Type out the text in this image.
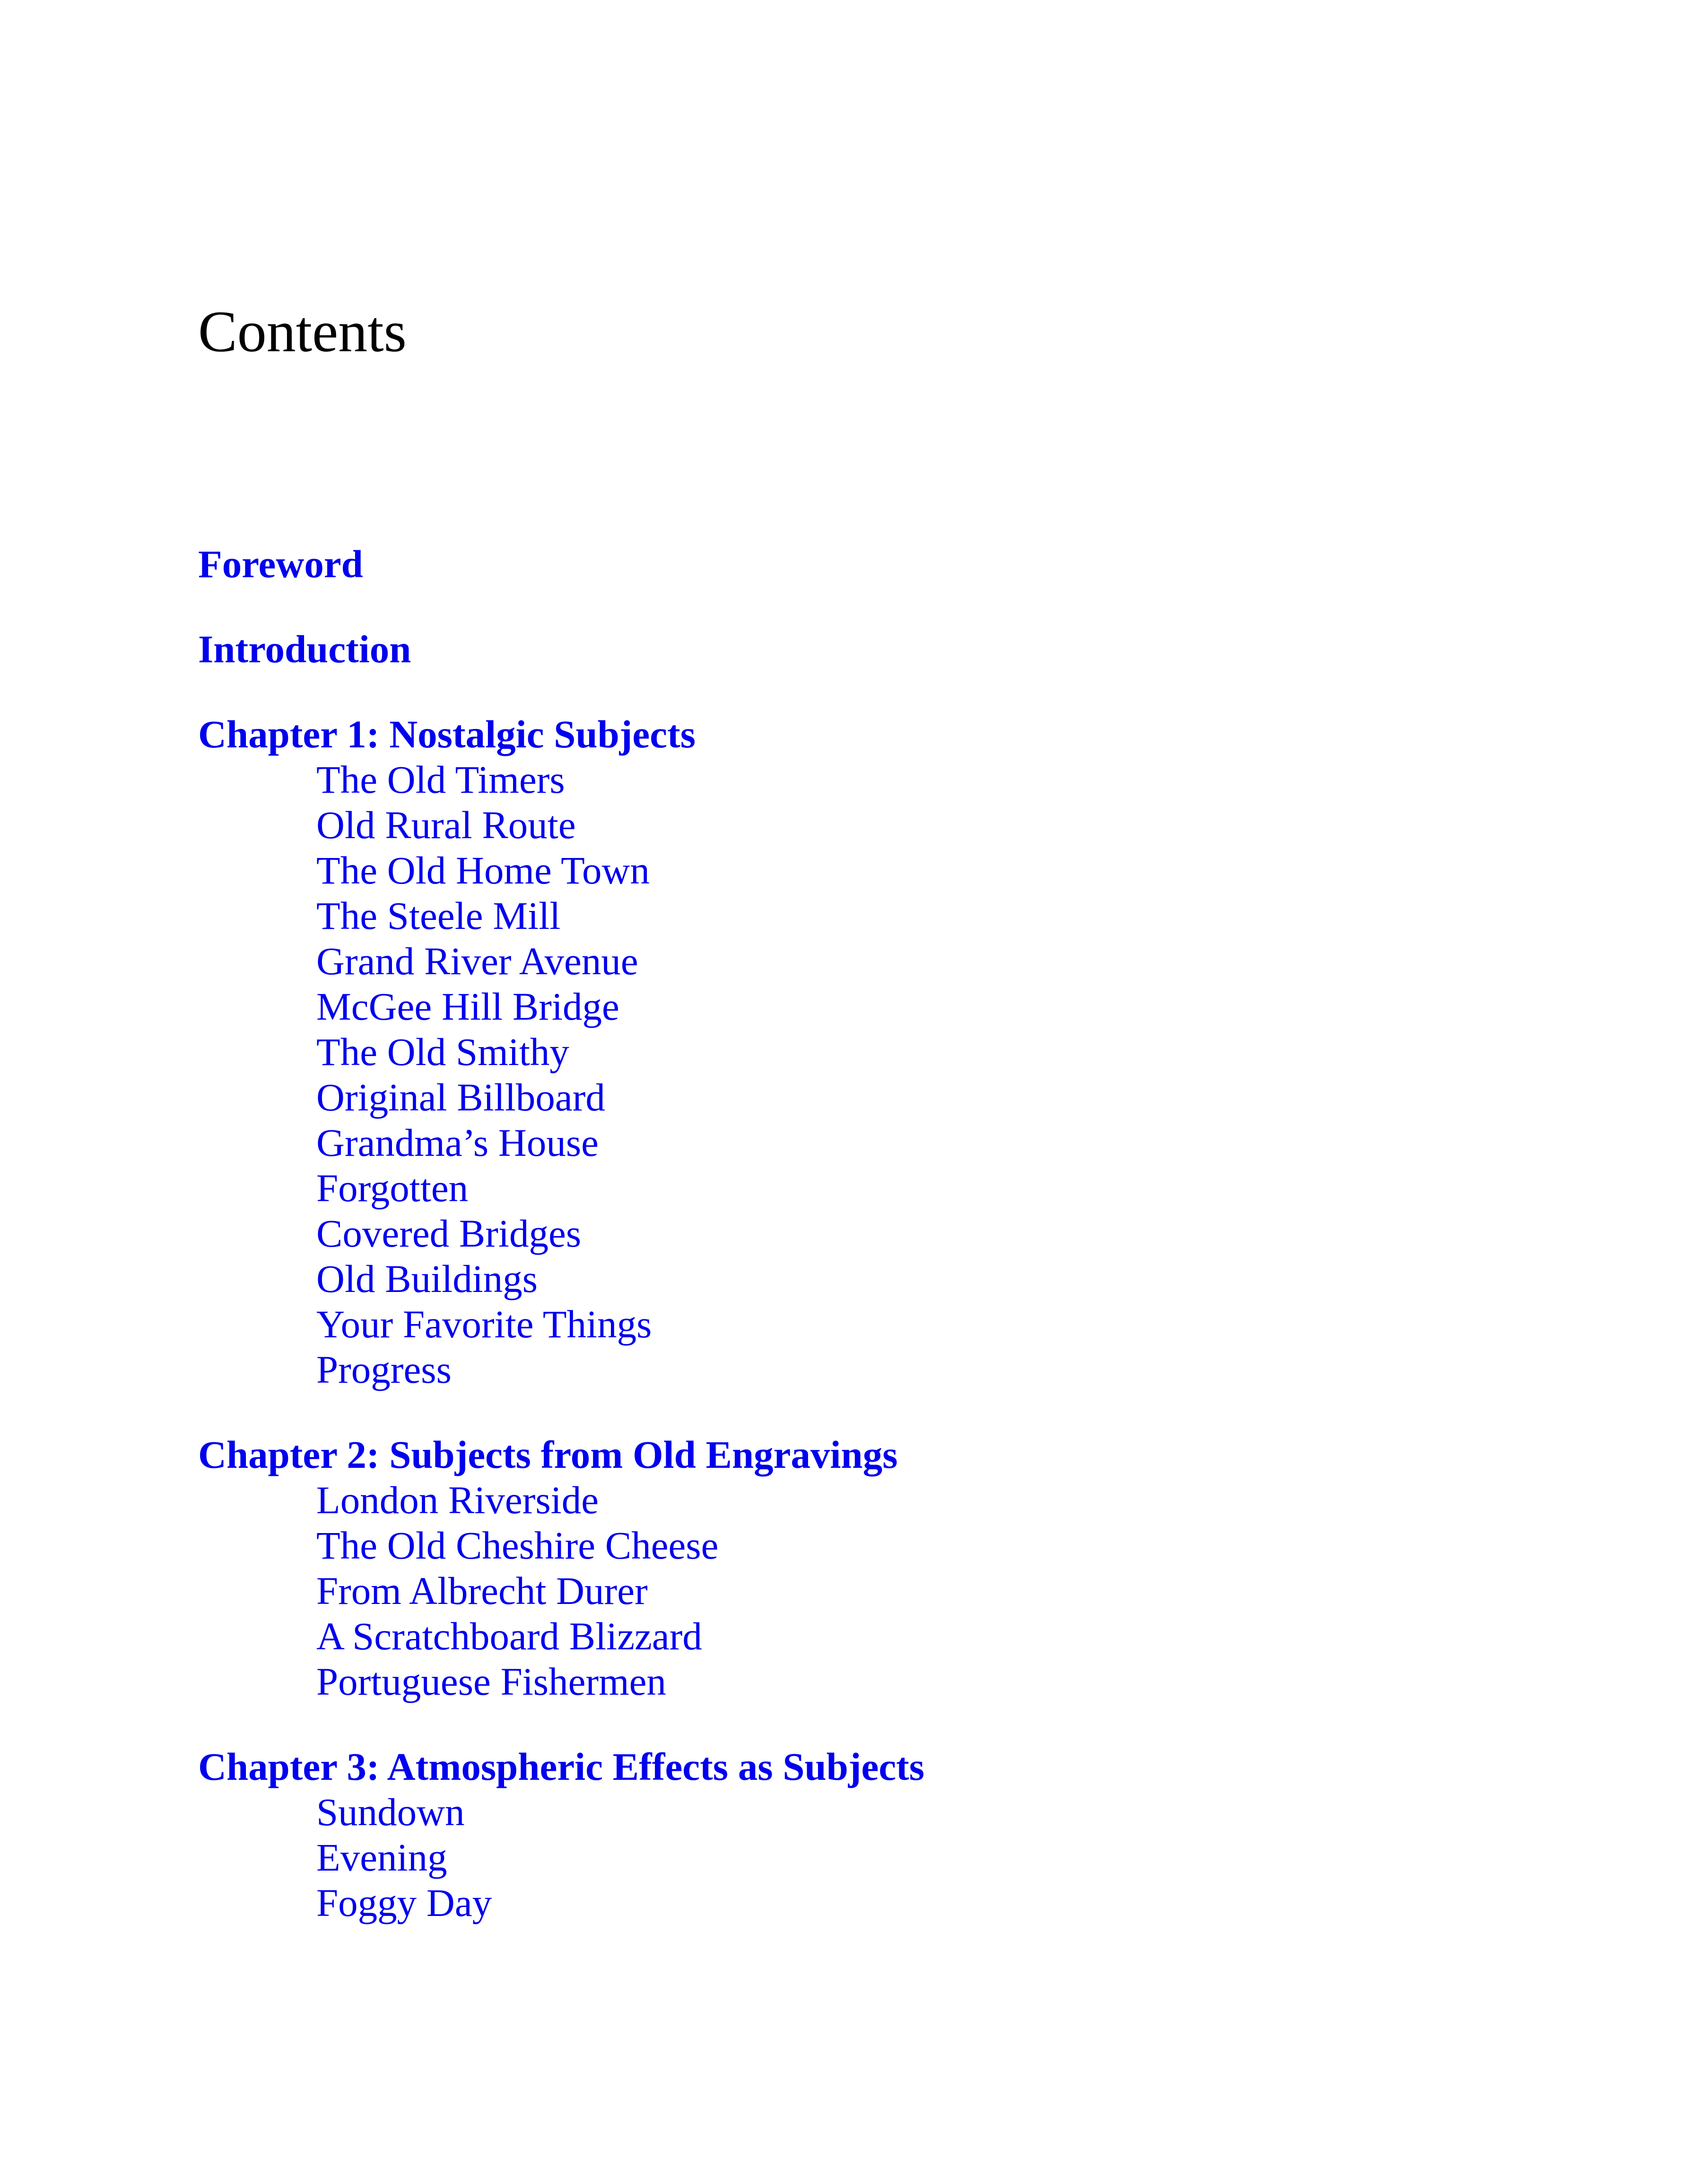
Contents
Foreword
Introduction
Chapter 1: Nostalgic Subjects
The Old Timers
Old Rural Route
The Old Home Town
The Steele Mill
Grand River Avenue
McGee Hill Bridge
The Old Smithy
Original Billboard
Grandma’s House
Forgotten
Covered Bridges
Old Buildings
Your Favorite Things
Progress
Chapter 2: Subjects from Old Engravings
London Riverside
The Old Cheshire Cheese
From Albrecht Durer
A Scratchboard Blizzard
Portuguese Fishermen
Chapter 3: Atmospheric Effects as Subjects
Sundown
Evening
Foggy Day
